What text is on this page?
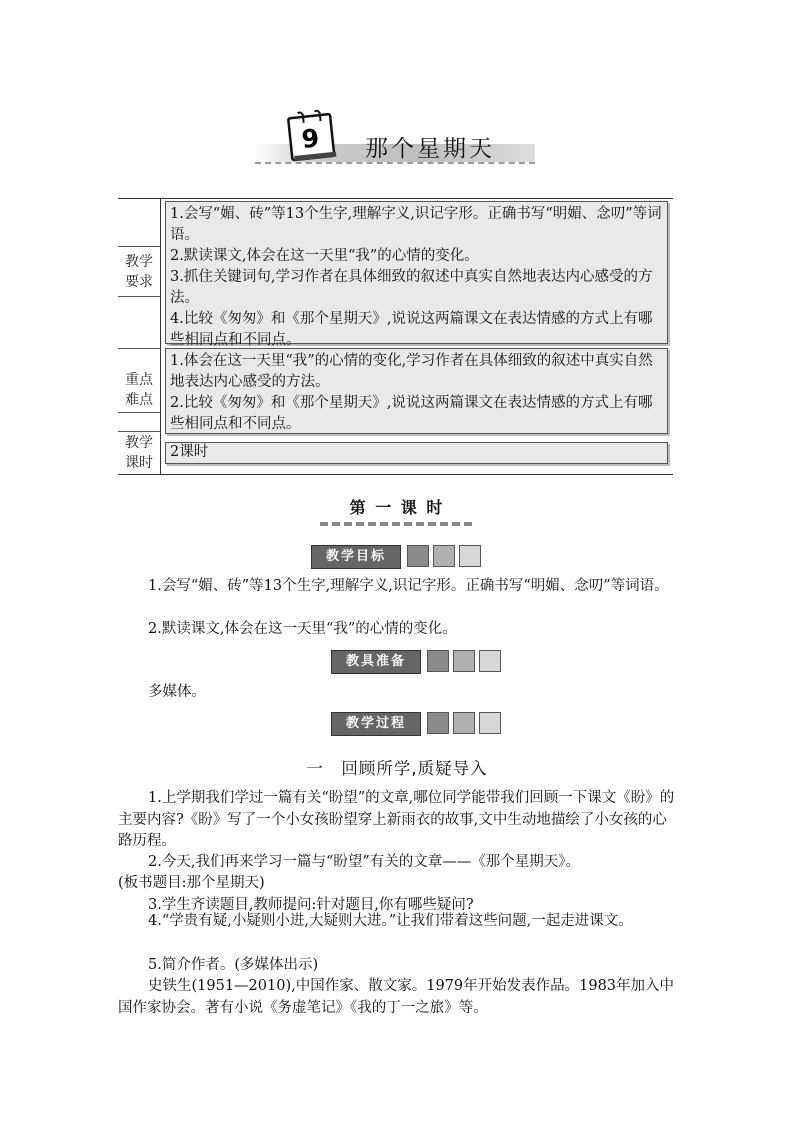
9	那个星期天
教学
要求
1.会写“媚、砖”等13个生字,理解字义,识记字形。正确书写“明媚、念叨”等词语。
2.默读课文,体会在这一天里“我”的心情的变化。
3.抓住关键词句,学习作者在具体细致的叙述中真实自然地表达内心感受的方法。
4.比较《匆匆》和《那个星期天》,说说这两篇课文在表达情感的方式上有哪些相同点和不同点。
重点
难点
1.体会在这一天里“我”的心情的变化,学习作者在具体细致的叙述中真实自然地表达内心感受的方法。
2.比较《匆匆》和《那个星期天》,说说这两篇课文在表达情感的方式上有哪些相同点和不同点。
教学
课时
2课时
第 一 课 时
教学目标
1.会写“媚、砖”等13个生字,理解字义,识记字形。正确书写“明媚、念叨”等词语。
2.默读课文,体会在这一天里“我”的心情的变化。
教具准备
多媒体。
教学过程
一　回顾所学,质疑导入
1.上学期我们学过一篇有关“盼望”的文章,哪位同学能带我们回顾一下课文《盼》的主要内容?《盼》写了一个小女孩盼望穿上新雨衣的故事,文中生动地描绘了小女孩的心路历程。
2.今天,我们再来学习一篇与“盼望”有关的文章——《那个星期天》。
(板书题目:那个星期天)
3.学生齐读题目,教师提问:针对题目,你有哪些疑问?
4.“学贵有疑,小疑则小进,大疑则大进。”让我们带着这些问题,一起走进课文。
5.简介作者。(多媒体出示)
史铁生(1951—2010),中国作家、散文家。1979年开始发表作品。1983年加入中国作家协会。著有小说《务虚笔记》《我的丁一之旅》等。
